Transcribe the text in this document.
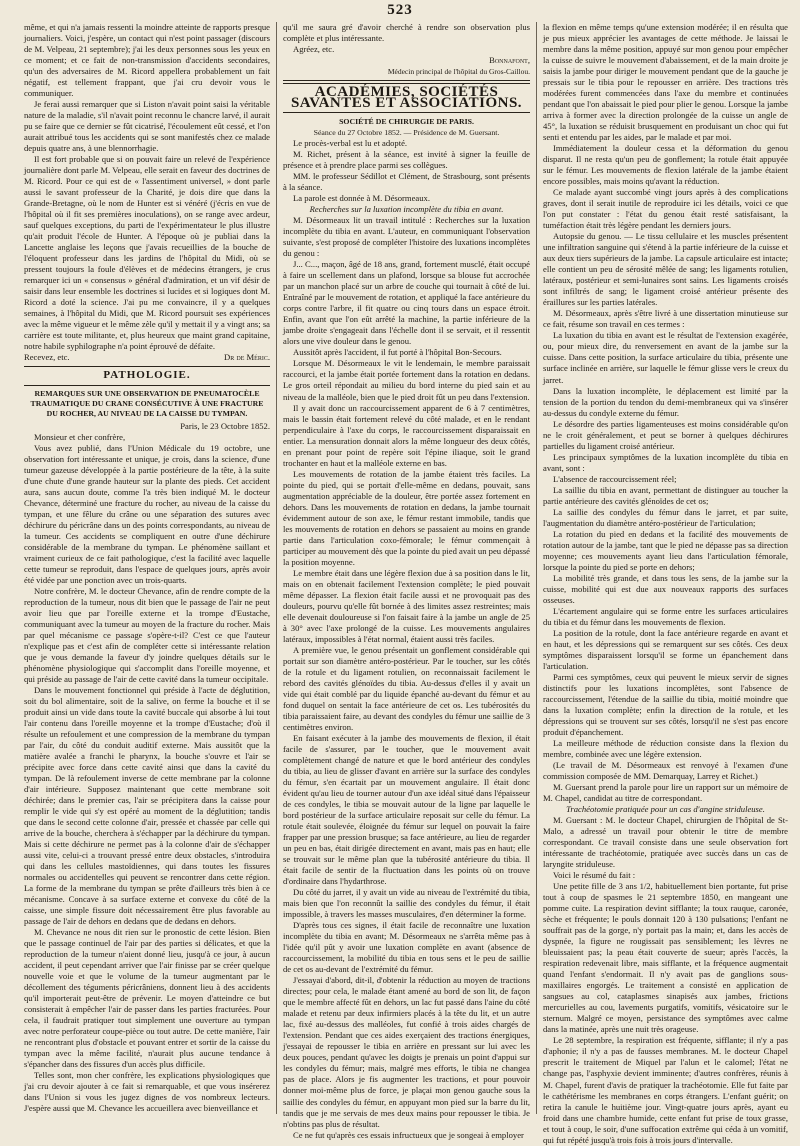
523

même, et qui n'a jamais ressenti la moindre atteinte de rapports presque journaliers. Voici, j'espère, un contact qui n'est point passager (discours de M. Velpeau, 21 septembre); j'ai les deux personnes sous les yeux en ce moment; et ce fait de non-transmission d'accidents secondaires, qu'un des adversaires de M. Ricord appellera probablement un fait négatif, est tellement frappant, que j'ai cru devoir vous le communiquer.

Je ferai aussi remarquer que si Liston n'avait point saisi la véritable nature de la maladie, s'il n'avait point reconnu le chancre larvé, il aurait pu se faire que ce dernier se fût cicatrisé, l'écoulement eût cessé, et l'on aurait attribué tous les accidents qui se sont manifestés chez ce malade depuis quatre ans, à une blennorrhagie.

Il est fort probable que si on pouvait faire un relevé de l'expérience journalière dont parle M. Velpeau, elle serait en faveur des doctrines de M. Ricord. Pour ce qui est de « l'assentiment universel, » dont parle aussi le savant professeur de la Charité, je dois dire que dans la Grande-Bretagne, où le nom de Hunter est si vénéré (j'écris en vue de l'hôpital où il fit ses premières inoculations), on se range avec ardeur, sauf quelques exceptions, du parti de l'expérimentateur le plus illustre qu'ait produit l'école de Hunter. A l'époque où je publiai dans la Lancette anglaise les leçons que j'avais recueillies de la bouche de l'éloquent professeur dans les jardins de l'hôpital du Midi, où se pressent toujours la foule d'élèves et de médecins étrangers, je crus remarquer ici un « consensus » général d'admiration, et un vif désir de saisir dans leur ensemble les doctrines si lucides et si logiques dont M. Ricord a doté la science. J'ai pu me convaincre, il y a quelques semaines, à l'hôpital du Midi, que M. Ricord poursuit ses expériences avec la même vigueur et le même zèle qu'il y mettait il y a vingt ans; sa carrière est toute militante, et, plus heureux que maint grand capitaine, notre habile syphilographe n'a point éprouvé de défaite.

Recevez, etc.	Dr de Méric.
PATHOLOGIE.
REMARQUES SUR UNE OBSERVATION DE PNEUMATOCÈLE TRAUMATIQUE DU CRANE CONSÉCUTIVE À UNE FRACTURE DU ROCHER, AU NIVEAU DE LA CAISSE DU TYMPAN.

Paris, le 23 Octobre 1852.

Monsieur et cher confrère,

Vous avez publié, dans l'Union Médicale du 19 octobre, une observation fort intéressante et unique, je crois, dans la science, d'une tumeur gazeuse développée à la partie postérieure de la tête, à la suite d'une chute d'une grande hauteur sur la plante des pieds. Cet accident aura, sans aucun doute, comme l'a très bien indiqué M. le docteur Chevance, déterminé une fracture du rocher, au niveau de la caisse du tympan, et une fêlure du crâne ou une séparation des sutures avec déchirure du péricrâne dans un des points correspondants, au niveau de la tumeur. Ces accidents se compliquent en outre d'une déchirure considérable de la membrane du tympan. Le phénomène saillant et vraiment curieux de ce fait pathologique, c'est la facilité avec laquelle cette tumeur se reproduit, dans l'espace de quelques jours, après avoir été vidée par une ponction avec un trois-quarts.

Notre confrère, M. le docteur Chevance, afin de rendre compte de la reproduction de la tumeur, nous dit bien que le passage de l'air ne peut avoir lieu que par l'oreille externe et la trompe d'Eustache, communiquant avec la tumeur au moyen de la fracture du rocher. Mais par quel mécanisme ce passage s'opère-t-il? C'est ce que l'auteur n'explique pas et c'est afin de compléter cette si intéressante relation que je vous demande la faveur d'y joindre quelques détails sur le phénomène physiologique qui s'accomplit dans l'oreille moyenne, et qui préside au passage de l'air de cette cavité dans la tumeur occipitale.

Dans le mouvement fonctionnel qui préside à l'acte de déglutition, soit du bol alimentaire, soit de la salive, on ferme la bouche et il se produit ainsi un vide dans toute la cavité buccale qui absorbe à lui tout l'air contenu dans l'oreille moyenne et la trompe d'Eustache; d'où il résulte un refoulement et une compression de la membrane du tympan par l'air, du côté du conduit auditif externe. Mais aussitôt que la matière avalée a franchi le pharynx, la bouche s'ouvre et l'air se précipite avec force dans cette cavité ainsi que dans la cavité du tympan. De là refoulement inverse de cette membrane par la colonne d'air intérieure. Supposez maintenant que cette membrane soit déchirée; dans le premier cas, l'air se précipitera dans la caisse pour remplir le vide qui s'y est opéré au moment de la déglutition; tandis que dans le second cette colonne d'air, pressée et chassée par celle qui arrive de la bouche, cherchera à s'échapper par la déchirure du tympan. Mais si cette déchirure ne permet pas à la colonne d'air de s'échapper aussi vite, celui-ci a trouvant pressé entre deux obstacles, s'introduira qui dans les cellules mastoïdiennes, qui dans toutes les fissures normales ou accidentelles qui peuvent se rencontrer dans cette région. La forme de la membrane du tympan se prête d'ailleurs très bien à ce mécanisme. Concave à sa surface externe et convexe du côté de la caisse, une simple fissure doit nécessairement être plus favorable au passage de l'air de dehors en dedans que de dedans en dehors.

M. Chevance ne nous dit rien sur le pronostic de cette lésion. Bien que le passage continuel de l'air par des parties si délicates, et que la reproduction de la tumeur n'aient donné lieu, jusqu'à ce jour, à aucun accident, il peut cependant arriver que l'air finisse par se créer quelque nouvelle voie et que le volume de la tumeur augmentant par le décollement des téguments péricrâniens, donnent lieu à des accidents qu'il importerait peut-être de prévenir. Le moyen d'atteindre ce but consisterait à empêcher l'air de passer dans les parties fracturées. Pour cela, il faudrait pratiquer tout simplement une ouverture au tympan avec notre perforateur coupe-pièce ou tout autre. De cette manière, l'air ne rencontrant plus d'obstacle et pouvant entrer et sortir de la caisse du tympan avec la même facilité, n'aurait plus aucune tendance à s'épancher dans des fissures d'un accès plus difficile.

Telles sont, mon cher confrère, les explications physiologiques que j'ai cru devoir ajouter à ce fait si remarquable, et que vous insérerez dans l'Union si vous les jugez dignes de vos nombreux lecteurs. J'espère aussi que M. Chevance les accueillera avec bienveillance et

qu'il me saura gré d'avoir cherché à rendre son observation plus complète et plus intéressante.

Agréez, etc.

Bonnafont,

Médecin principal de l'hôpital du Gros-Caillou.

ACADÉMIES, SOCIÉTÉS SAVANTES ET ASSOCIATIONS.

SOCIÉTÉ DE CHIRURGIE DE PARIS.

Séance du 27 Octobre 1852. — Présidence de M. Guersant.

Le procès-verbal est lu et adopté.

M. Richet, présent à la séance, est invité à signer la feuille de présence et à prendre place parmi ses collègues.

MM. le professeur Sédillot et Clément, de Strasbourg, sont présents à la séance.

La parole est donnée à M. Désormeaux.

Recherches sur la luxation incomplète du tibia en avant.

M. Désormeaux lit un travail intitulé : Recherches sur la luxation incomplète du tibia en avant. L'auteur, en communiquant l'observation suivante, s'est proposé de compléter l'histoire des luxations incomplètes du genou :

J... C..., maçon, âgé de 18 ans, grand, fortement musclé, était occupé à faire un scellement dans un plafond, lorsque sa blouse fut accrochée par un manchon placé sur un arbre de couche qui tournait à côté de lui. Entraîné par le mouvement de rotation, et appliqué la face antérieure du corps contre l'arbre, il fit quatre ou cinq tours dans un espace étroit. Enfin, avant que l'on eût arrêté la machine, la partie inférieure de la jambe droite s'engageait dans l'échelle dont il se servait, et il ressentit alors une vive douleur dans le genou.

Aussitôt après l'accident, il fut porté à l'hôpital Bon-Secours.

Lorsque M. Désormeaux le vit le lendemain, le membre paraissait raccourci, et la jambe était portée fortement dans la rotation en dedans. Le gros orteil répondait au milieu du bord interne du pied sain et au niveau de la malléole, bien que le pied droit fût un peu dans l'extension.

Il y avait donc un raccourcissement apparent de 6 à 7 centimètres, mais le bassin était fortement relevé du côté malade, et en le rendant perpendiculaire à l'axe du corps, le raccourcissement disparaissait en entier. La mensuration donnait alors la même longueur des deux côtés, en prenant pour point de repère soit l'épine iliaque, soit le grand trochanter en haut et la malléole externe en bas.

Les mouvements de rotation de la jambe étaient très faciles. La pointe du pied, qui se portait d'elle-même en dedans, pouvait, sans augmentation appréciable de la douleur, être portée assez fortement en dehors. Dans les mouvements de rotation en dedans, la jambe tournait évidemment autour de son axe, le fémur restant immobile, tandis que les mouvements de rotation en dehors se passaient au moins en grande partie dans l'articulation coxo-fémorale; le fémur commençait à participer au mouvement dès que la pointe du pied avait un peu dépassé la position moyenne.

Le membre était dans une légère flexion due à sa position dans le lit, mais on en obtenait facilement l'extension complète; le pied pouvait même dépasser. La flexion était facile aussi et ne provoquait pas des douleurs, pourvu qu'elle fût bornée à des limites assez restreintes; mais elle devenait douloureuse si l'on faisait faire à la jambe un angle de 25 à 30° avec l'axe prolongé de la cuisse. Les mouvements angulaires latéraux, impossibles à l'état normal, étaient aussi très faciles.

A première vue, le genou présentait un gonflement considérable qui portait sur son diamètre antéro-postérieur. Par le toucher, sur les côtés de la rotule et du ligament rotulien, on reconnaissait facilement le rebord des cavités glénoïdes du tibia. Au-dessus d'elles il y avait un vide qui était comblé par du liquide épanché au-devant du fémur et au fond duquel on sentait la face antérieure de cet os. Les tubérosités du tibia paraissaient faire, au devant des condyles du fémur une saillie de 3 centimètres environ.

En faisant exécuter à la jambe des mouvements de flexion, il était facile de s'assurer, par le toucher, que le mouvement avait complètement changé de nature et que le bord antérieur des condyles du tibia, au lieu de glisser d'avant en arrière sur la surface des condyles du fémur, s'en écartait par un mouvement angulaire. Il était donc évident qu'au lieu de tourner autour d'un axe idéal situé dans l'épaisseur de ces condyles, le tibia se mouvait autour de la ligne par laquelle le bord postérieur de la surface articulaire reposait sur celle du fémur. La rotule était soulevée, éloignée du fémur sur lequel on pouvait la faire frapper par une pression brusque; sa face antérieure, au lieu de regarder un peu en bas, était dirigée directement en avant, mais pas en haut; elle se trouvait sur le même plan que la tubérosité antérieure du tibia. Il était facile de sentir de la fluctuation dans les points où on trouve d'ordinaire dans l'hydarthrose.

Du côté du jarret, il y avait un vide au niveau de l'extrémité du tibia, mais bien que l'on reconnût la saillie des condyles du fémur, il était impossible, à travers les masses musculaires, d'en déterminer la forme.

D'après tous ces signes, il était facile de reconnaître une luxation incomplète du tibia en avant; M. Désormeaux ne s'arrêta même pas à l'idée qu'il pût y avoir une luxation complète en avant (absence de raccourcissement, la mobilité du tibia en tous sens et le peu de saillie de cet os au-devant de l'extrémité du fémur.

J'essayai d'abord, dit-il, d'obtenir la réduction au moyen de tractions directes; pour cela, le malade étant amené au bord de son lit, de façon que le membre affecté fût en dehors, un lac fut passé dans l'aine du côté malade et retenu par deux infirmiers placés à la tête du lit, et un autre lac, fixé au-dessus des malléoles, fut confié à trois aides chargés de l'extension. Pendant que ces aides exerçaient des tractions énergiques, j'essayai de repousser le tibia en arrière en pressant sur lui avec les deux pouces, pendant qu'avec les doigts je prenais un point d'appui sur les condyles du fémur; mais, malgré mes efforts, le tibia ne changea pas de place. Alors je fis augmenter les tractions, et pour pouvoir donner moi-même plus de force, je plaçai mon genou gauche sous la saillie des condyles du fémur, en appuyant mon pied sur la barre du lit, tandis que je me servais de mes deux mains pour repousser le tibia. Je n'obtins pas plus de résultat.

Ce ne fut qu'après ces essais infructueux que je songeai à employer

la flexion en même temps qu'une extension modérée; il en résulta que je pus mieux apprécier les avantages de cette méthode. Je laissai le membre dans la même position, appuyé sur mon genou pour empêcher la cuisse de suivre le mouvement d'abaissement, et de la main droite je saisis la jambe pour diriger le mouvement pendant que de la gauche je pressais sur le tibia pour le repousser en arrière. Des tractions très modérées furent commencées dans l'axe du membre et continuées pendant que l'on abaissait le pied pour plier le genou. Lorsque la jambe arriva à former avec la direction prolongée de la cuisse un angle de 45°, la luxation se réduisit brusquement en produisant un choc qui fut senti et entendu par les aides, par le malade et par moi.

Immédiatement la douleur cessa et la déformation du genou disparut. Il ne resta qu'un peu de gonflement; la rotule était appuyée sur le fémur. Les mouvements de flexion latérale de la jambe étaient encore possibles, mais moins qu'avant la réduction.

Ce malade ayant succombé vingt jours après à des complications graves, dont il serait inutile de reproduire ici les détails, voici ce que l'on put constater : l'état du genou était resté satisfaisant, la tuméfaction était très légère pendant les derniers jours.

Autopsie du genou. — Le tissu cellulaire et les muscles présentent une infiltration sanguine qui s'étend à la partie inférieure de la cuisse et aux deux tiers supérieurs de la jambe. La capsule articulaire est intacte; elle contient un peu de sérosité mêlée de sang; les ligaments rotulien, latéraux, postérieur et semi-lunaires sont sains. Les ligaments croisés sont infiltrés de sang; le ligament croisé antérieur présente des éraillures sur les parties latérales.

M. Désormeaux, après s'être livré à une dissertation minutieuse sur ce fait, résume son travail en ces termes :

La luxation du tibia en avant est le résultat de l'extension exagérée, ou, pour mieux dire, du renversement en avant de la jambe sur la cuisse. Dans cette position, la surface articulaire du tibia, présente une surface inclinée en arrière, sur laquelle le fémur glisse vers le creux du jarret.

Dans la luxation incomplète, le déplacement est limité par la tension de la portion du tendon du demi-membraneux qui va s'insérer au-dessus du condyle externe du fémur.

Le désordre des parties ligamenteuses est moins considérable qu'on ne le croit généralement, et peut se borner à quelques déchirures partielles du ligament croisé antérieur.

Les principaux symptômes de la luxation incomplète du tibia en avant, sont :

L'absence de raccourcissement réel;

La saillie du tibia en avant, permettant de distinguer au toucher la partie antérieure des cavités glénoïdes de cet os;

La saillie des condyles du fémur dans le jarret, et par suite, l'augmentation du diamètre antéro-postérieur de l'articulation;

La rotation du pied en dedans et la facilité des mouvements de rotation autour de la jambe, tant que le pied ne dépasse pas sa direction moyenne; ces mouvements ayant lieu dans l'articulation fémorale, lorsque la pointe du pied se porte en dehors;

La mobilité très grande, et dans tous les sens, de la jambe sur la cuisse, mobilité qui est due aux nouveaux rapports des surfaces osseuses.

L'écartement angulaire qui se forme entre les surfaces articulaires du tibia et du fémur dans les mouvements de flexion.

La position de la rotule, dont la face antérieure regarde en avant et en haut, et les dépressions qui se remarquent sur ses côtés. Ces deux symptômes disparaissent lorsqu'il se forme un épanchement dans l'articulation.

Parmi ces symptômes, ceux qui peuvent le mieux servir de signes distinctifs pour les luxations incomplètes, sont l'absence de raccourcissement, l'étendue de la saillie du tibia, moitié moindre que dans la luxation complète; enfin la direction de la rotule, et les dépressions qui se trouvent sur ses côtés, lorsqu'il ne s'est pas encore produit d'épanchement.

La meilleure méthode de réduction consiste dans la flexion du membre, combinée avec une légère extension.

(Le travail de M. Désormeaux est renvoyé à l'examen d'une commission composée de MM. Demarquay, Larrey et Richet.)

M. Guersant prend la parole pour lire un rapport sur un mémoire de M. Chapel, candidat au titre de correspondant.

Trachéotomie pratiquée pour un cas d'angine striduleuse.

M. Guersant : M. le docteur Chapel, chirurgien de l'hôpital de St-Malo, a adressé un travail pour obtenir le titre de membre correspondant. Ce travail consiste dans une seule observation fort intéressante de trachéotomie, pratiquée avec succès dans un cas de laryngite striduleuse.

Voici le résumé du fait :

Une petite fille de 3 ans 1/2, habituellement bien portante, fut prise tout à coup de spasmes le 21 septembre 1850, en mangeant une pomme cuite. La respiration devint sifflante; la toux rauque, caronée, sèche et fréquente; le pouls donnait 120 à 130 pulsations; l'enfant ne souffrait pas de la gorge, n'y portait pas la main; et, dans les accès de dyspnée, la figure ne rougissait pas sensiblement; les lèvres ne bleuissaient pas; la peau était couverte de sueur; après l'accès, la respiration redevenait libre, mais sifflante, et la fréquence augmentait quand l'enfant s'endormait. Il n'y avait pas de ganglions sous-maxillaires engorgés. Le traitement a consisté en application de sangsues au col, cataplasmes sinapisés aux jambes, frictions mercurielles au cou, lavements purgatifs, vomitifs, vésicatoire sur le sternum. Malgré ce moyen, persistance des symptômes avec calme dans la matinée, après une nuit très orageuse.

Le 28 septembre, la respiration est fréquente, sifflante; il n'y a pas d'aphonie; il n'y a pas de fausses membranes. M. le docteur Chapel prescrit le traitement de Miquel par l'alun et le calomel; l'état ne change pas, l'asphyxie devient imminente; d'autres confrères, réunis à M. Chapel, furent d'avis de pratiquer la trachéotomie. Elle fut faite par le cathétérisme les membranes en corps étrangers. L'enfant guérit; on retira la canule le huitième jour. Vingt-quatre jours après, ayant eu froid dans une chambre humide, cette enfant fut prise de toux grasse, et tout à coup, le soir, d'une suffocation extrême qui céda à un vomitif, qui fut répété jusqu'à trois fois à trois jours d'intervalle.
